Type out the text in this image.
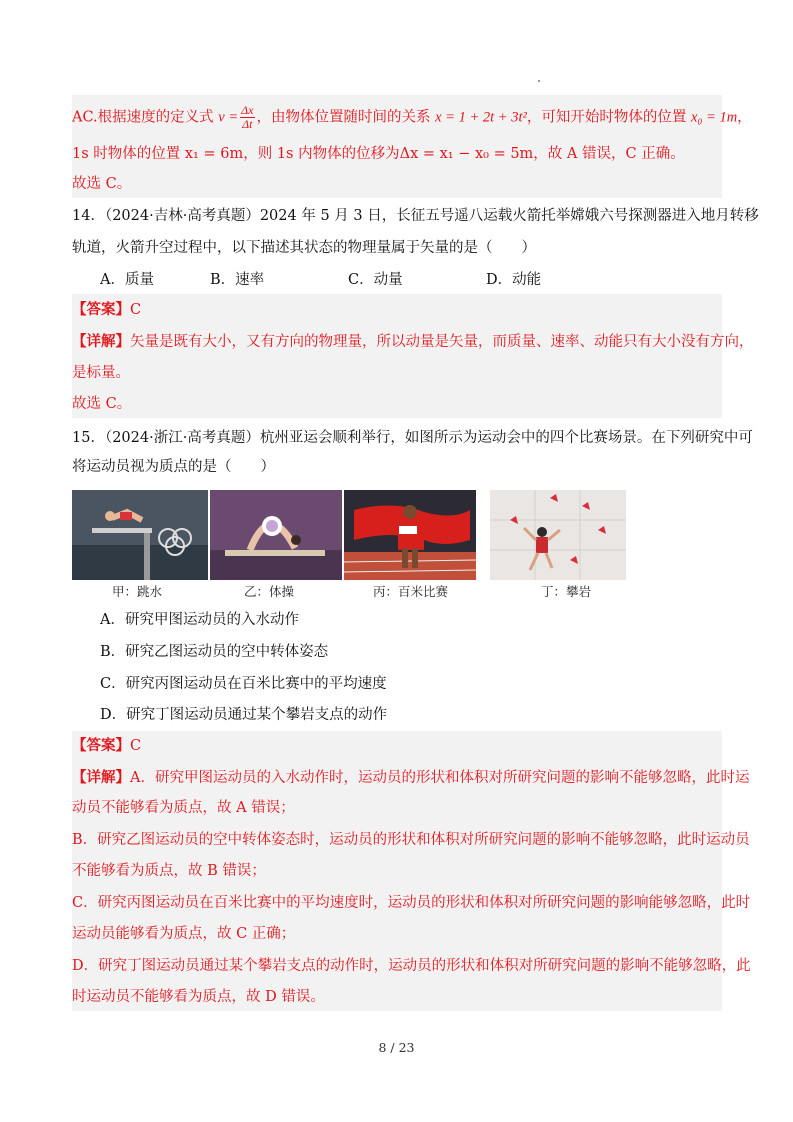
AC.根据速度的定义式 $v = \frac{\Delta x}{\Delta t}$ ，由物体位置随时间的关系 x = 1 + 2t + 3t²，可知开始时物体的位置 x₀ = 1m，
1s 时物体的位置 x₁ = 6m，则 1s 内物体的位移为Δx = x₁ − x₀ = 5m，故 A 错误，C 正确。
故选 C。
14．（2024·吉林·高考真题）2024 年 5 月 3 日，长征五号遥八运载火箭托举嫦娥六号探测器进入地月转移
轨道，火箭升空过程中，以下描述其状态的物理量属于矢量的是（　　）
A．质量	B．速率	C．动量	D．动能
【答案】C
【详解】矢量是既有大小，又有方向的物理量，所以动量是矢量，而质量、速率、动能只有大小没有方向，
是标量。
故选 C。
15．（2024·浙江·高考真题）杭州亚运会顺利举行，如图所示为运动会中的四个比赛场景。在下列研究中可
将运动员视为质点的是（　　）
甲：跳水	乙：体操	丙：百米比赛	丁：攀岩
A．研究甲图运动员的入水动作
B．研究乙图运动员的空中转体姿态
C．研究丙图运动员在百米比赛中的平均速度
D．研究丁图运动员通过某个攀岩支点的动作
【答案】C
【详解】A．研究甲图运动员的入水动作时，运动员的形状和体积对所研究问题的影响不能够忽略，此时运
动员不能够看为质点，故 A 错误；
B．研究乙图运动员的空中转体姿态时，运动员的形状和体积对所研究问题的影响不能够忽略，此时运动员
不能够看为质点，故 B 错误；
C．研究丙图运动员在百米比赛中的平均速度时，运动员的形状和体积对所研究问题的影响能够忽略，此时
运动员能够看为质点，故 C 正确；
D．研究丁图运动员通过某个攀岩支点的动作时，运动员的形状和体积对所研究问题的影响不能够忽略，此
时运动员不能够看为质点，故 D 错误。
8 / 23
